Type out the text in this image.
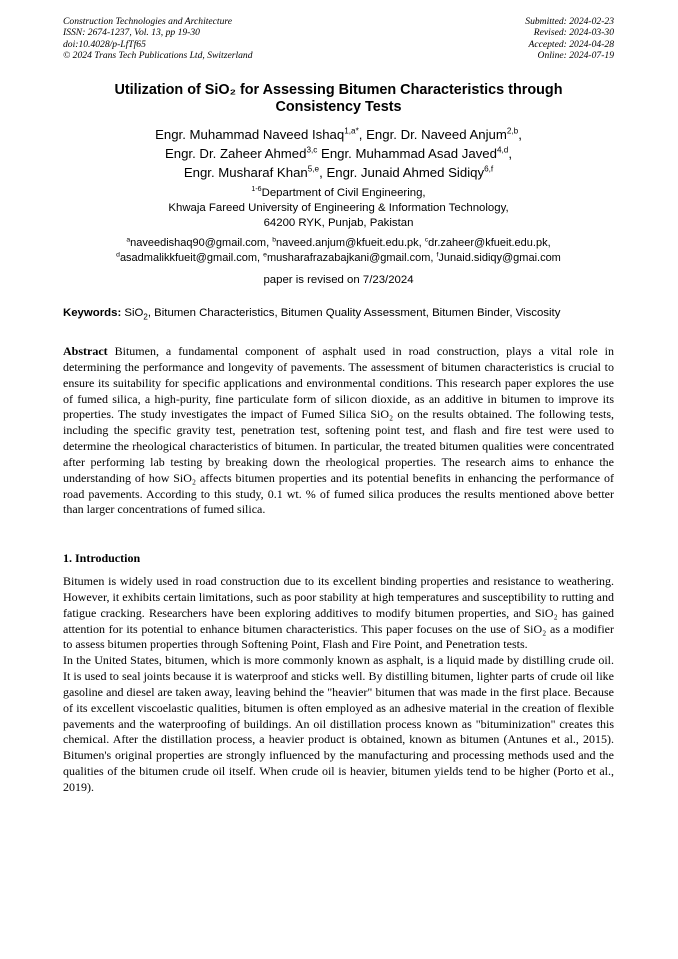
Construction Technologies and Architecture
ISSN: 2674-1237, Vol. 13, pp 19-30
doi:10.4028/p-LfTf65
© 2024 Trans Tech Publications Ltd, Switzerland
Submitted: 2024-02-23
Revised: 2024-03-30
Accepted: 2024-04-28
Online: 2024-07-19
Utilization of SiO₂ for Assessing Bitumen Characteristics through
Consistency Tests
Engr. Muhammad Naveed Ishaq$^{1,a*}$, Engr. Dr. Naveed Anjum$^{2,b}$,
Engr. Dr. Zaheer Ahmed$^{3,c}$ Engr. Muhammad Asad Javed$^{4,d}$,
Engr. Musharaf Khan$^{5,e}$, Engr. Junaid Ahmed Sidiqy$^{6,f}$
$^{1-6}$Department of Civil Engineering,
Khwaja Fareed University of Engineering & Information Technology,
64200 RYK, Punjab, Pakistan
$^a$naveedishaq90@gmail.com, $^b$naveed.anjum@kfueit.edu.pk, $^c$dr.zaheer@kfueit.edu.pk,
$^d$asadmalikkfueit@gmail.com, $^e$musharafrazabajkani@gmail.com, $^f$Junaid.sidiqy@gmai.com
paper is revised on 7/23/2024
Keywords: SiO$_2$, Bitumen Characteristics, Bitumen Quality Assessment, Bitumen Binder, Viscosity
Abstract Bitumen, a fundamental component of asphalt used in road construction, plays a vital role in determining the performance and longevity of pavements. The assessment of bitumen characteristics is crucial to ensure its suitability for specific applications and environmental conditions. This research paper explores the use of fumed silica, a high-purity, fine particulate form of silicon dioxide, as an additive in bitumen to improve its properties. The study investigates the impact of Fumed Silica SiO₂ on the results obtained. The following tests, including the specific gravity test, penetration test, softening point test, and flash and fire test were used to determine the rheological characteristics of bitumen. In particular, the treated bitumen qualities were concentrated after performing lab testing by breaking down the rheological properties. The research aims to enhance the understanding of how SiO₂ affects bitumen properties and its potential benefits in enhancing the performance of road pavements. According to this study, 0.1 wt. % of fumed silica produces the results mentioned above better than larger concentrations of fumed silica.
1. Introduction

Bitumen is widely used in road construction due to its excellent binding properties and resistance to weathering. However, it exhibits certain limitations, such as poor stability at high temperatures and susceptibility to rutting and fatigue cracking. Researchers have been exploring additives to modify bitumen properties, and SiO₂ has gained attention for its potential to enhance bitumen characteristics. This paper focuses on the use of SiO₂ as a modifier to assess bitumen properties through Softening Point, Flash and Fire Point, and Penetration tests.

In the United States, bitumen, which is more commonly known as asphalt, is a liquid made by distilling crude oil. It is used to seal joints because it is waterproof and sticks well. By distilling bitumen, lighter parts of crude oil like gasoline and diesel are taken away, leaving behind the "heavier" bitumen that was made in the first place. Because of its excellent viscoelastic qualities, bitumen is often employed as an adhesive material in the creation of flexible pavements and the waterproofing of buildings. An oil distillation process known as "bituminization" creates this chemical. After the distillation process, a heavier product is obtained, known as bitumen (Antunes et al., 2015). Bitumen's original properties are strongly influenced by the manufacturing and processing methods used and the qualities of the bitumen crude oil itself. When crude oil is heavier, bitumen yields tend to be higher (Porto et al., 2019).
